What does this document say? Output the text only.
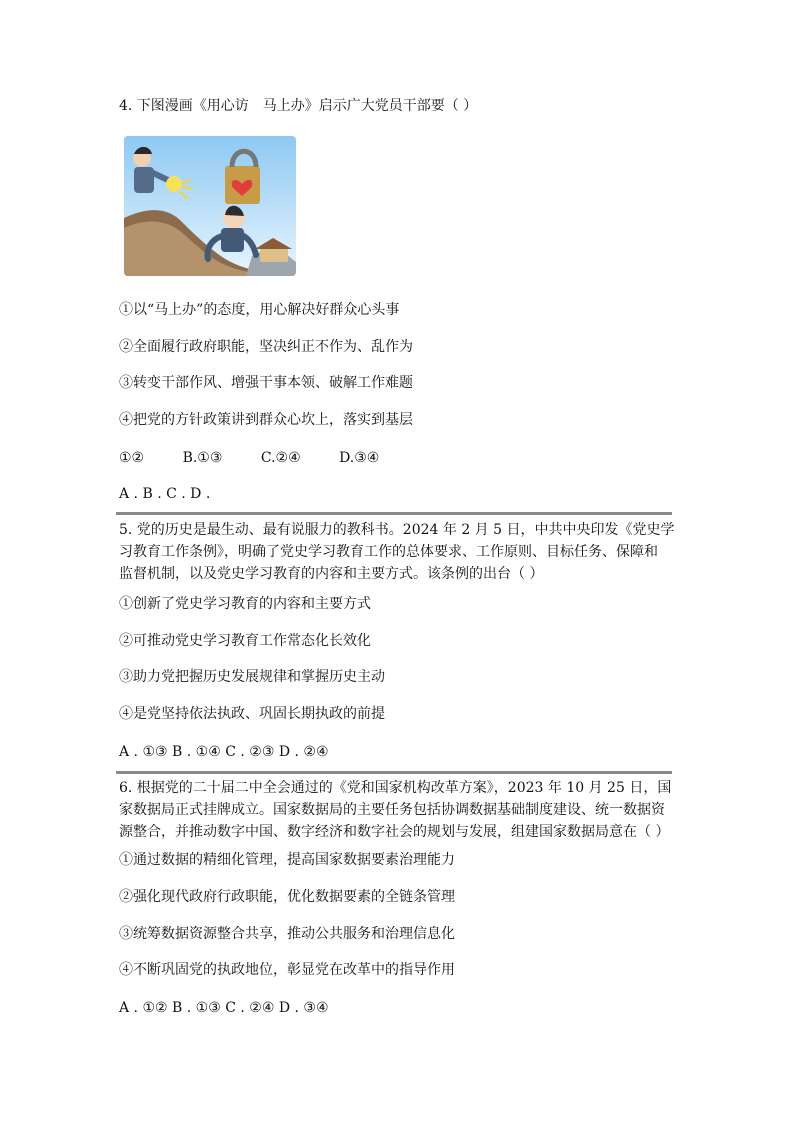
4. 下图漫画《用心访　马上办》启示广大党员干部要（ ）
①以“马上办”的态度，用心解决好群众心头事
②全面履行政府职能，坚决纠正不作为、乱作为
③转变干部作风、增强干事本领、破解工作难题
④把党的方针政策讲到群众心坎上，落实到基层
①②	B.①③	C.②④	D.③④
A . B . C . D .
5. 党的历史是最生动、最有说服力的教科书。2024 年 2 月 5 日，中共中央印发《党史学
习教育工作条例》，明确了党史学习教育工作的总体要求、工作原则、目标任务、保障和
监督机制，以及党史学习教育的内容和主要方式。该条例的出台（ ）
①创新了党史学习教育的内容和主要方式
②可推动党史学习教育工作常态化长效化
③助力党把握历史发展规律和掌握历史主动
④是党坚持依法执政、巩固长期执政的前提
A . ①③ B . ①④ C . ②③ D . ②④
6. 根据党的二十届二中全会通过的《党和国家机构改革方案》，2023 年 10 月 25 日，国
家数据局正式挂牌成立。国家数据局的主要任务包括协调数据基础制度建设、统一数据资
源整合，并推动数字中国、数字经济和数字社会的规划与发展，组建国家数据局意在（ ）
①通过数据的精细化管理，提高国家数据要素治理能力
②强化现代政府行政职能，优化数据要素的全链条管理
③统筹数据资源整合共享，推动公共服务和治理信息化
④不断巩固党的执政地位，彰显党在改革中的指导作用
A . ①② B . ①③ C . ②④ D . ③④
